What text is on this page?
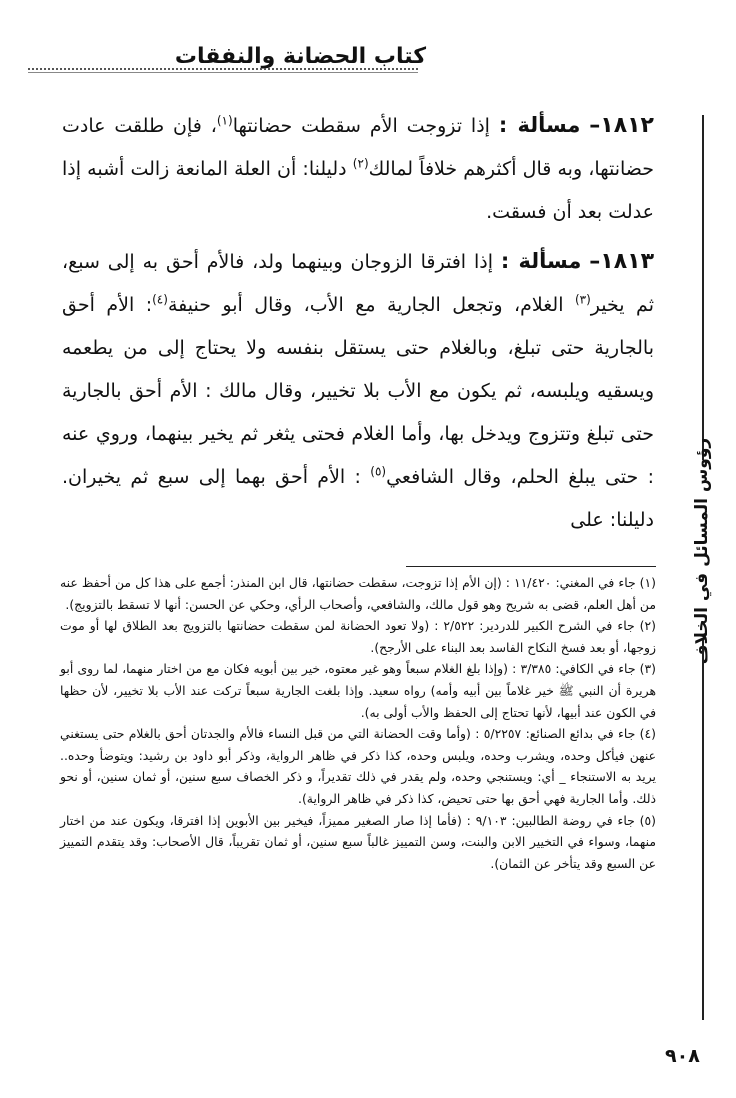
كتاب الحضانة والنفقات
رؤوس المسائل في الخلاف

١٨١٢– مسألة : إذا تزوجت الأم سقطت حضانتها$^{(١)}$، فإن طلقت عادت حضانتها، وبه قال أكثرهم خلافاً لمالك$^{(٢)}$ دليلنا: أن العلة المانعة زالت أشبه إذا عدلت بعد أن فسقت.

١٨١٣– مسألة : إذا افترقا الزوجان وبينهما ولد، فالأم أحق به إلى سبع، ثم يخير$^{(٣)}$ الغلام، وتجعل الجارية مع الأب، وقال أبو حنيفة$^{(٤)}$: الأم أحق بالجارية حتى تبلغ، وبالغلام حتى يستقل بنفسه ولا يحتاج إلى من يطعمه ويسقيه ويلبسه، ثم يكون مع الأب بلا تخيير، وقال مالك : الأم أحق بالجارية حتى تبلغ وتتزوج ويدخل بها، وأما الغلام فحتى يثغر ثم يخير بينهما، وروي عنه : حتى يبلغ الحلم، وقال الشافعي$^{(٥)}$ : الأم أحق بهما إلى سبع ثم يخيران. دليلنا: على

(١) جاء في المغني: ١١/٤٢٠ : (إن الأم إذا تزوجت، سقطت حضانتها، قال ابن المنذر: أجمع على هذا كل من أحفظ عنه من أهل العلم، قضى به شريح وهو قول مالك، والشافعي، وأصحاب الرأي، وحكي عن الحسن: أنها لا تسقط بالتزويج).

(٢) جاء في الشرح الكبير للدردير: ٢/٥٢٢ : (ولا تعود الحضانة لمن سقطت حضانتها بالتزويج بعد الطلاق لها أو موت زوجها، أو بعد فسخ النكاح الفاسد بعد البناء على الأرجح).

(٣) جاء في الكافي: ٣/٣٨٥ : (وإذا بلغ الغلام سبعاً وهو غير معتوه، خير بين أبويه فكان مع من اختار منهما، لما روى أبو هريرة أن النبي ﷺ خير غلاماً بين أبيه وأمه) رواه سعيد. وإذا بلغت الجارية سبعاً تركت عند الأب بلا تخيير، لأن حظها في الكون عند أبيها، لأنها تحتاج إلى الحفظ والأب أولى به).

(٤) جاء في بدائع الصنائع: ٥/٢٢٥٧ : (وأما وقت الحضانة التي من قبل النساء فالأم والجدتان أحق بالغلام حتى يستغني عنهن فيأكل وحده، ويشرب وحده، ويلبس وحده، كذا ذكر في ظاهر الرواية، وذكر أبو داود بن رشيد: ويتوضأ وحده.. يريد به الاستنجاء _ أي: ويستنجي وحده، ولم يقدر في ذلك تقديراً، و ذكر الخصاف سبع سنين، أو ثمان سنين، أو نحو ذلك. وأما الجارية فهي أحق بها حتى تحيض، كذا ذكر في ظاهر الرواية).

(٥) جاء في روضة الطالبين: ٩/١٠٣ : (فأما إذا صار الصغير مميزاً، فيخير بين الأبوين إذا افترقا، ويكون عند من اختار منهما، وسواء في التخيير الابن والبنت، وسن التمييز غالباً سبع سنين، أو ثمان تقريباً، قال الأصحاب: وقد يتقدم التمييز عن السبع وقد يتأخر عن الثمان).

٩٠٨
